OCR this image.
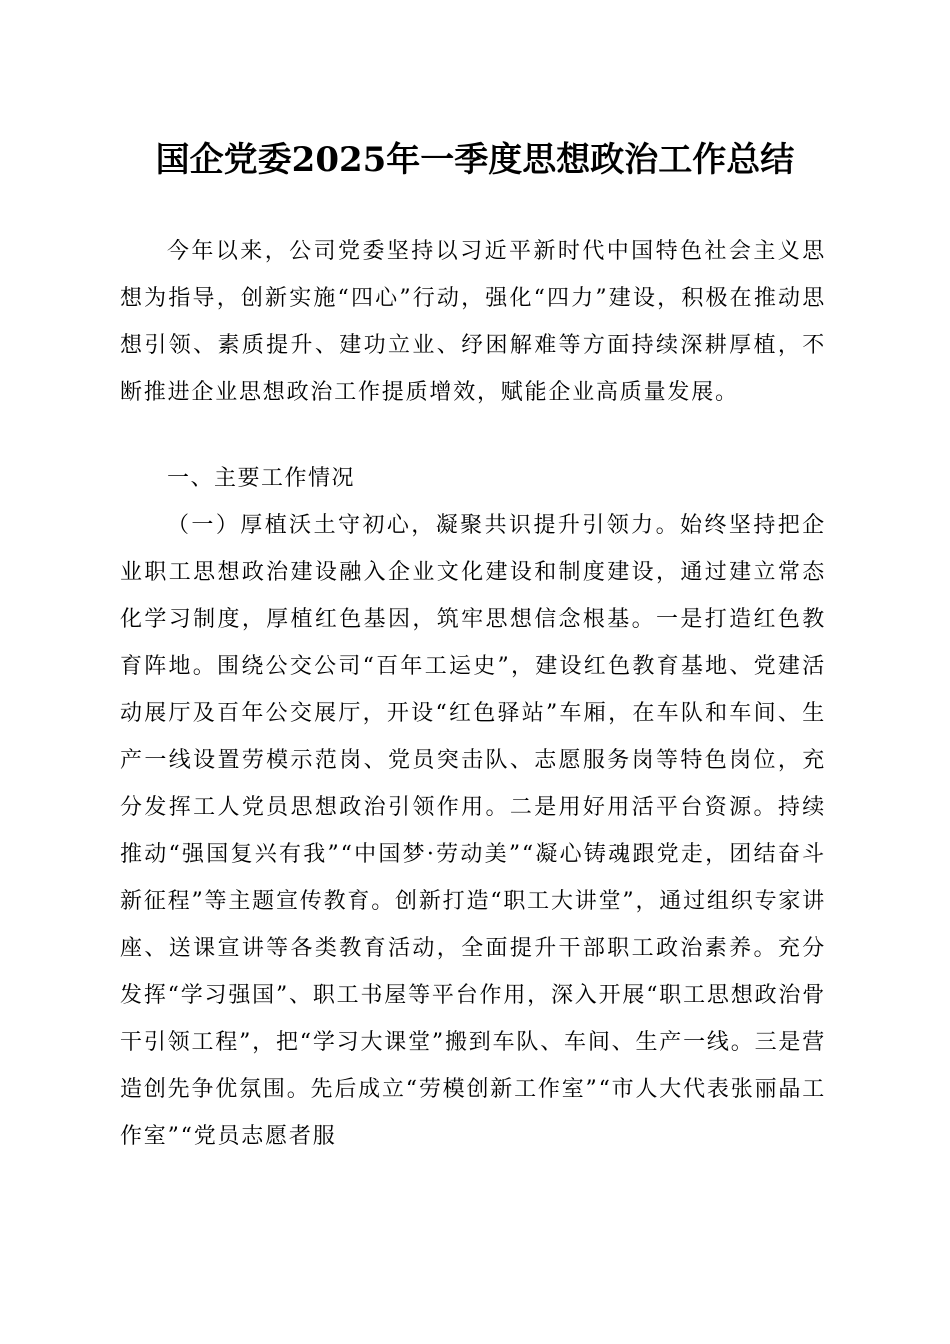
国企党委2025年一季度思想政治工作总结

今年以来，公司党委坚持以习近平新时代中国特色社会主义思想为指导，创新实施“四心”行动，强化“四力”建设，积极在推动思想引领、素质提升、建功立业、纾困解难等方面持续深耕厚植，不断推进企业思想政治工作提质增效，赋能企业高质量发展。

一、主要工作情况

（一）厚植沃土守初心，凝聚共识提升引领力。始终坚持把企业职工思想政治建设融入企业文化建设和制度建设，通过建立常态化学习制度，厚植红色基因，筑牢思想信念根基。一是打造红色教育阵地。围绕公交公司“百年工运史”，建设红色教育基地、党建活动展厅及百年公交展厅，开设“红色驿站”车厢，在车队和车间、生产一线设置劳模示范岗、党员突击队、志愿服务岗等特色岗位，充分发挥工人党员思想政治引领作用。二是用好用活平台资源。持续推动“强国复兴有我”“中国梦·劳动美”“凝心铸魂跟党走，团结奋斗新征程”等主题宣传教育。创新打造“职工大讲堂”，通过组织专家讲座、送课宣讲等各类教育活动，全面提升干部职工政治素养。充分发挥“学习强国”、职工书屋等平台作用，深入开展“职工思想政治骨干引领工程”，把“学习大课堂”搬到车队、车间、生产一线。三是营造创先争优氛围。先后成立“劳模创新工作室”“市人大代表张丽晶工作室”“党员志愿者服
